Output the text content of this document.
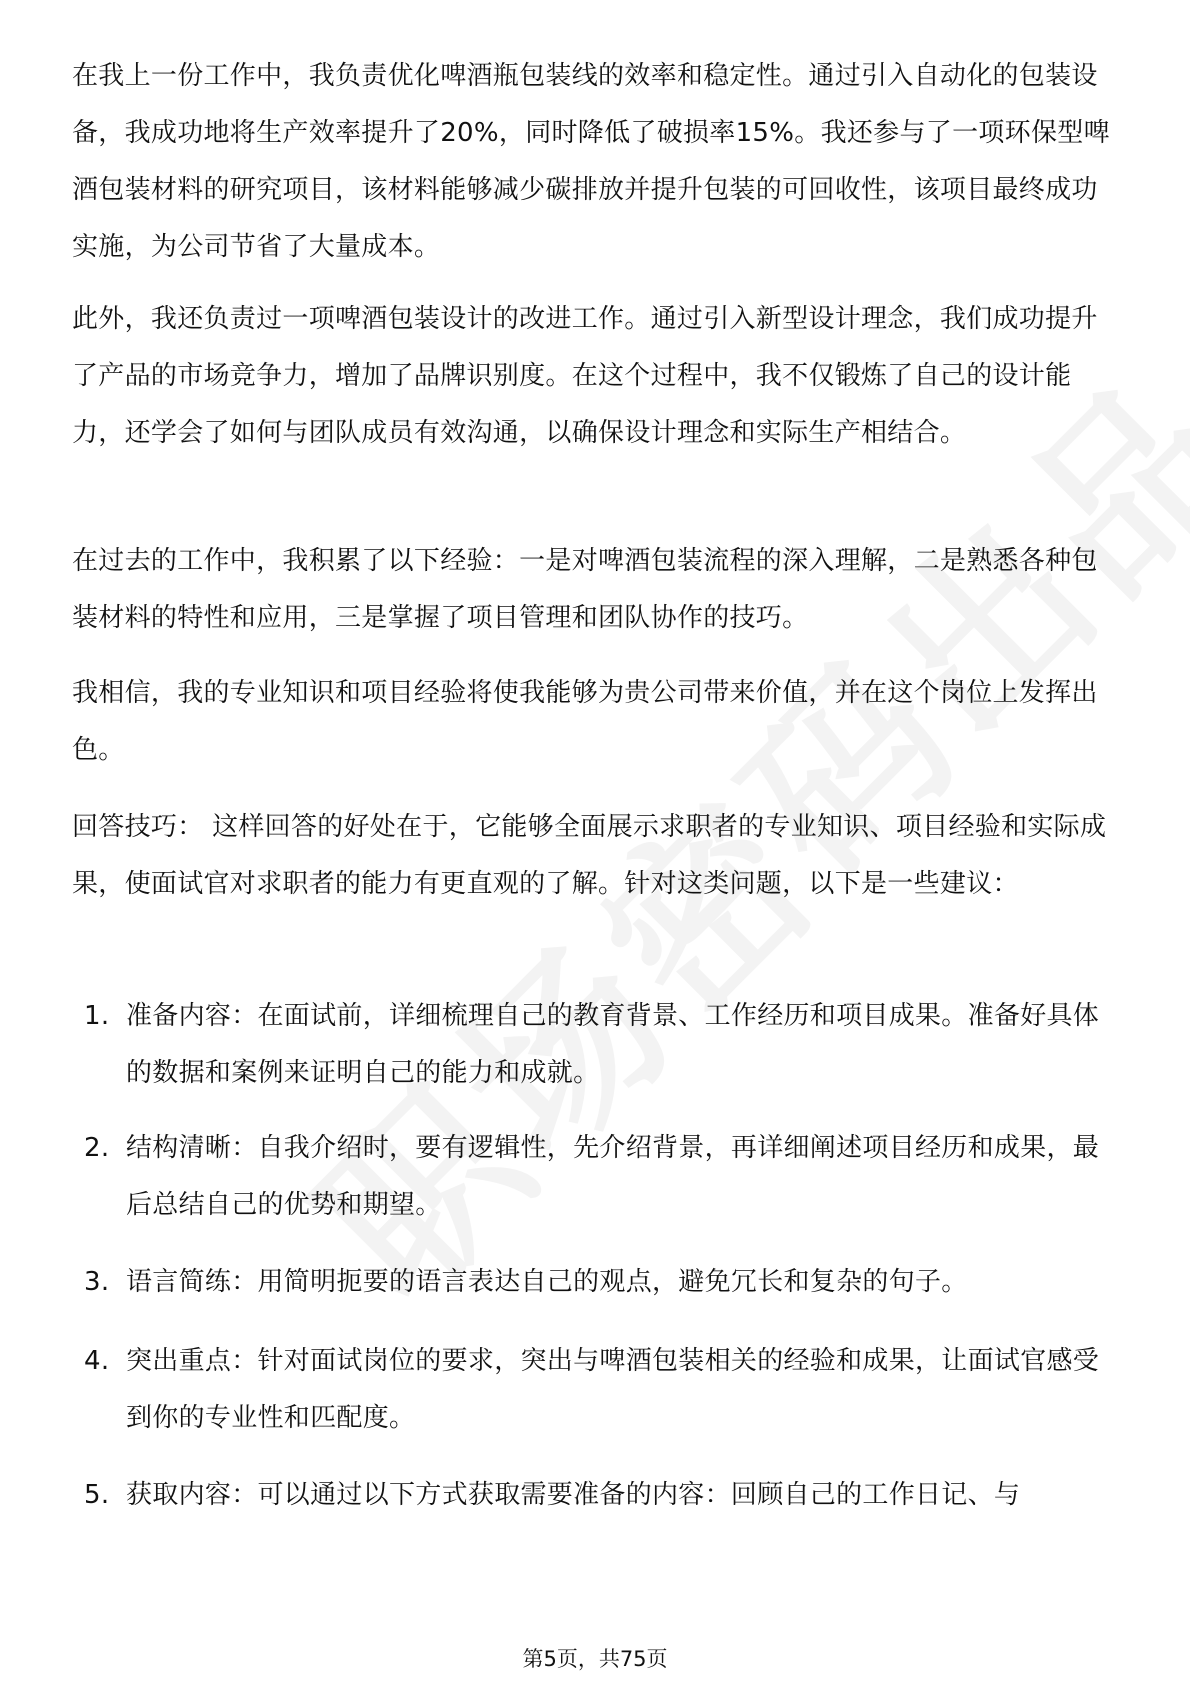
在我上一份工作中，我负责优化啤酒瓶包装线的效率和稳定性。通过引入自动化的包装设备，我成功地将生产效率提升了20%，同时降低了破损率15%。我还参与了一项环保型啤酒包装材料的研究项目，该材料能够减少碳排放并提升包装的可回收性，该项目最终成功实施，为公司节省了大量成本。

此外，我还负责过一项啤酒包装设计的改进工作。通过引入新型设计理念，我们成功提升了产品的市场竞争力，增加了品牌识别度。在这个过程中，我不仅锻炼了自己的设计能力，还学会了如何与团队成员有效沟通，以确保设计理念和实际生产相结合。

在过去的工作中，我积累了以下经验：一是对啤酒包装流程的深入理解，二是熟悉各种包装材料的特性和应用，三是掌握了项目管理和团队协作的技巧。

我相信，我的专业知识和项目经验将使我能够为贵公司带来价值，并在这个岗位上发挥出色。

回答技巧： 这样回答的好处在于，它能够全面展示求职者的专业知识、项目经验和实际成果，使面试官对求职者的能力有更直观的了解。针对这类问题，以下是一些建议：

1. 准备内容：在面试前，详细梳理自己的教育背景、工作经历和项目成果。准备好具体的数据和案例来证明自己的能力和成就。
2. 结构清晰：自我介绍时，要有逻辑性，先介绍背景，再详细阐述项目经历和成果，最后总结自己的优势和期望。
3. 语言简练：用简明扼要的语言表达自己的观点，避免冗长和复杂的句子。
4. 突出重点：针对面试岗位的要求，突出与啤酒包装相关的经验和成果，让面试官感受到你的专业性和匹配度。
5. 获取内容：可以通过以下方式获取需要准备的内容：回顾自己的工作日记、与
第5页，共75页
